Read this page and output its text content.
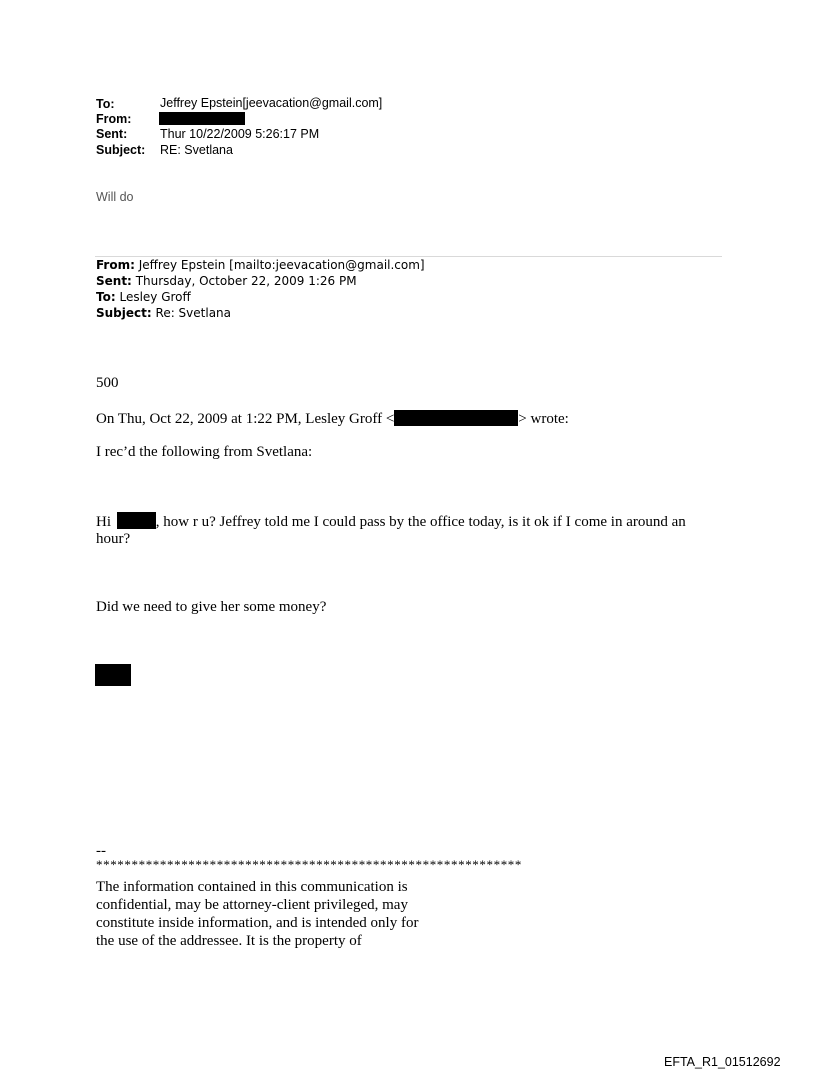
To:	Jeffrey Epstein[jeevacation@gmail.com]
From:
Sent:	Thur 10/22/2009 5:26:17 PM
Subject: RE: Svetlana
Will do
From: Jeffrey Epstein [mailto:jeevacation@gmail.com]
Sent: Thursday, October 22, 2009 1:26 PM
To: Lesley Groff
Subject: Re: Svetlana
500
On Thu, Oct 22, 2009 at 1:22 PM, Lesley Groff <	> wrote:
I rec’d the following from Svetlana:
Hi	, how r u? Jeffrey told me I could pass by the office today, is it ok if I come in around an
hour?
Did we need to give her some money?
--
************************************************************
The information contained in this communication is
confidential, may be attorney-client privileged, may
constitute inside information, and is intended only for
the use of the addressee. It is the property of
EFTA_R1_01512692
